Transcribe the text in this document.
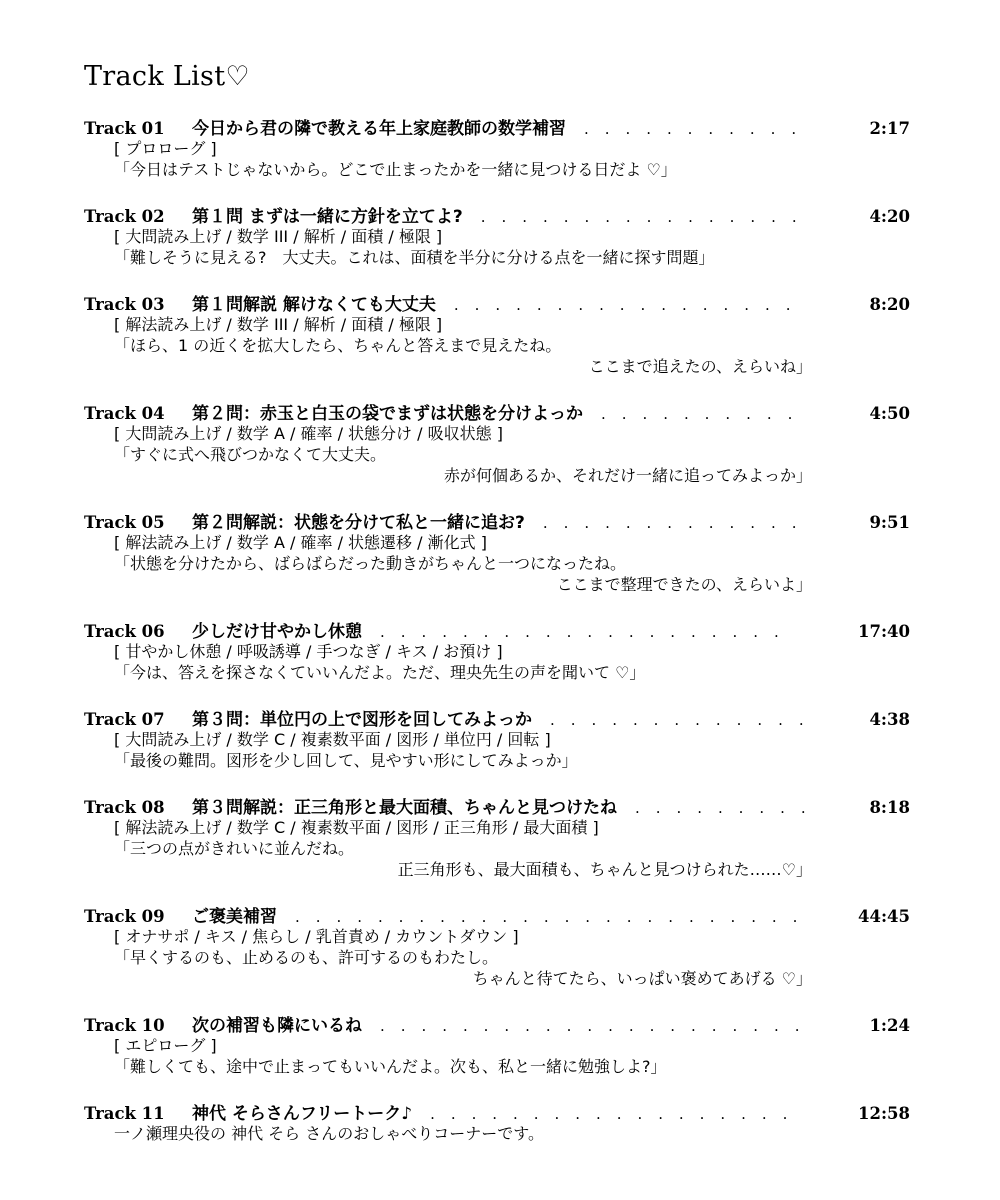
Track List♡
Track 01	今日から君の隣で教える年上家庭教師の数学補習 . . .	2:17
[ プロローグ ]
「今日はテストじゃないから。どこで止まったかを一緒に見つける日だよ ♡」
Track 02	第１問 まずは一緒に方針を立てよ? . . .	4:20
[ 大問読み上げ / 数学 III / 解析 / 面積 / 極限 ]
「難しそうに見える?　大丈夫。これは、面積を半分に分ける点を一緒に探す問題」
Track 03	第１問解説 解けなくても大丈夫 . . .	8:20
[ 解法読み上げ / 数学 III / 解析 / 面積 / 極限 ]
「ほら、1 の近くを拡大したら、ちゃんと答えまで見えたね。
ここまで追えたの、えらいね」
Track 04	第２問：赤玉と白玉の袋でまずは状態を分けよっか . . .	4:50
[ 大問読み上げ / 数学 A / 確率 / 状態分け / 吸収状態 ]
「すぐに式へ飛びつかなくて大丈夫。
赤が何個あるか、それだけ一緒に追ってみよっか」
Track 05	第２問解説：状態を分けて私と一緒に追お? . . .	9:51
[ 解法読み上げ / 数学 A / 確率 / 状態遷移 / 漸化式 ]
「状態を分けたから、ばらばらだった動きがちゃんと一つになったね。
ここまで整理できたの、えらいよ」
Track 06	少しだけ甘やかし休憩 . . .	17:40
[ 甘やかし休憩 / 呼吸誘導 / 手つなぎ / キス / お預け ]
「今は、答えを探さなくていいんだよ。ただ、理央先生の声を聞いて ♡」
Track 07	第３問：単位円の上で図形を回してみよっか . . .	4:38
[ 大問読み上げ / 数学 C / 複素数平面 / 図形 / 単位円 / 回転 ]
「最後の難問。図形を少し回して、見やすい形にしてみよっか」
Track 08	第３問解説：正三角形と最大面積、ちゃんと見つけたね . . .	8:18
[ 解法読み上げ / 数学 C / 複素数平面 / 図形 / 正三角形 / 最大面積 ]
「三つの点がきれいに並んだね。
正三角形も、最大面積も、ちゃんと見つけられた……♡」
Track 09	ご褒美補習 . . .	44:45
[ オナサポ / キス / 焦らし / 乳首責め / カウントダウン ]
「早くするのも、止めるのも、許可するのもわたし。
ちゃんと待てたら、いっぱい褒めてあげる ♡」
Track 10	次の補習も隣にいるね . . .	1:24
[ エピローグ ]
「難しくても、途中で止まってもいいんだよ。次も、私と一緒に勉強しよ?」
Track 11	神代 そらさんフリートーク♪ . . .	12:58
一ノ瀬理央役の 神代 そら さんのおしゃべりコーナーです。
